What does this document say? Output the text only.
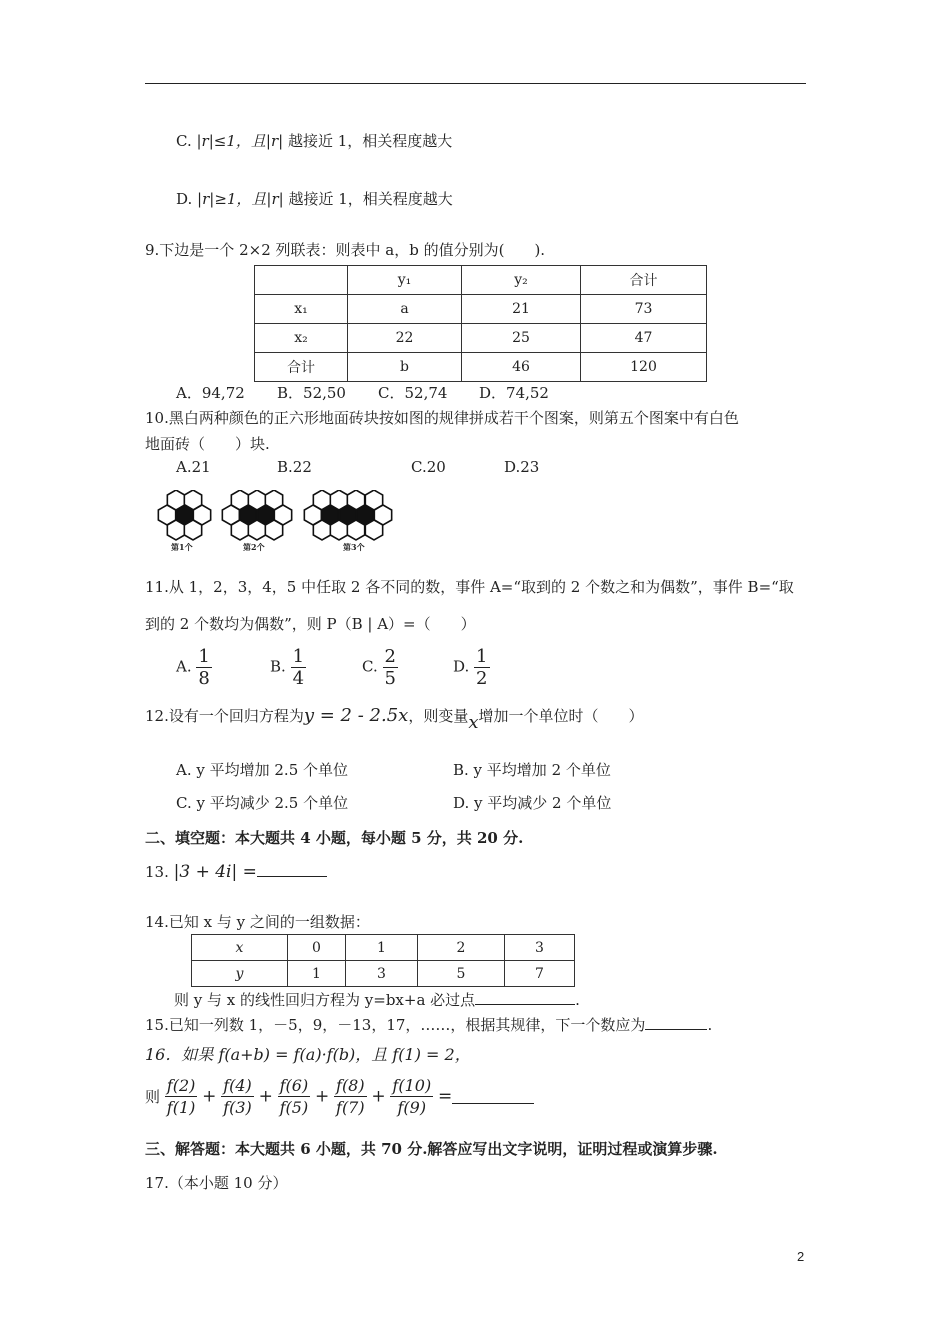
C. |r|≤1，且|r| 越接近 1，相关程度越大
D. |r|≥1，且|r| 越接近 1，相关程度越大
9.下边是一个 2×2 列联表：则表中 a，b 的值分别为(　　).
	y₁	y₂	合计
x₁	a	21	73
x₂	22	25	47
合计	b	46	120
A．94,72 B．52,50 C．52,74 D．74,52
10.黑白两种颜色的正六形地面砖块按如图的规律拼成若干个图案，则第五个图案中有白色
地面砖（　　）块.
A.21	B.22	C.20	D.23
第1个	第2个	第3个
11.从 1，2，3，4，5 中任取 2 各不同的数，事件 A=“取到的 2 个数之和为偶数”，事件 B=“取
到的 2 个数均为偶数”，则 P（B | A）=（　　）
A. $\frac{1}{8}$	B. $\frac{1}{4}$	C. $\frac{2}{5}$	D. $\frac{1}{2}$
12.设有一个回归方程为y = 2 - 2.5x，则变量x增加一个单位时（　　）
A. y 平均增加 2.5 个单位	B. y 平均增加 2 个单位
C. y 平均减少 2.5 个单位	D. y 平均减少 2 个单位
二、填空题：本大题共 4 小题，每小题 5 分，共 20 分.
13. |3 + 4i| =
14.已知 x 与 y 之间的一组数据：
x	0	1	2	3
y	1	3	5	7
则 y 与 x 的线性回归方程为 y=bx+a 必过点	.
15.已知一列数 1，－5，9，－13，17，……，根据其规律，下一个数应为	.
16．如果 f(a+b) = f(a)·f(b)，且 f(1) = 2，
则 $\frac{f(2)}{f(1)} + \frac{f(4)}{f(3)} + \frac{f(6)}{f(5)} + \frac{f(8)}{f(7)} + \frac{f(10)}{f(9)}$ =
三、解答题：本大题共 6 小题，共 70 分.解答应写出文字说明，证明过程或演算步骤.
17.（本小题 10 分）
2
